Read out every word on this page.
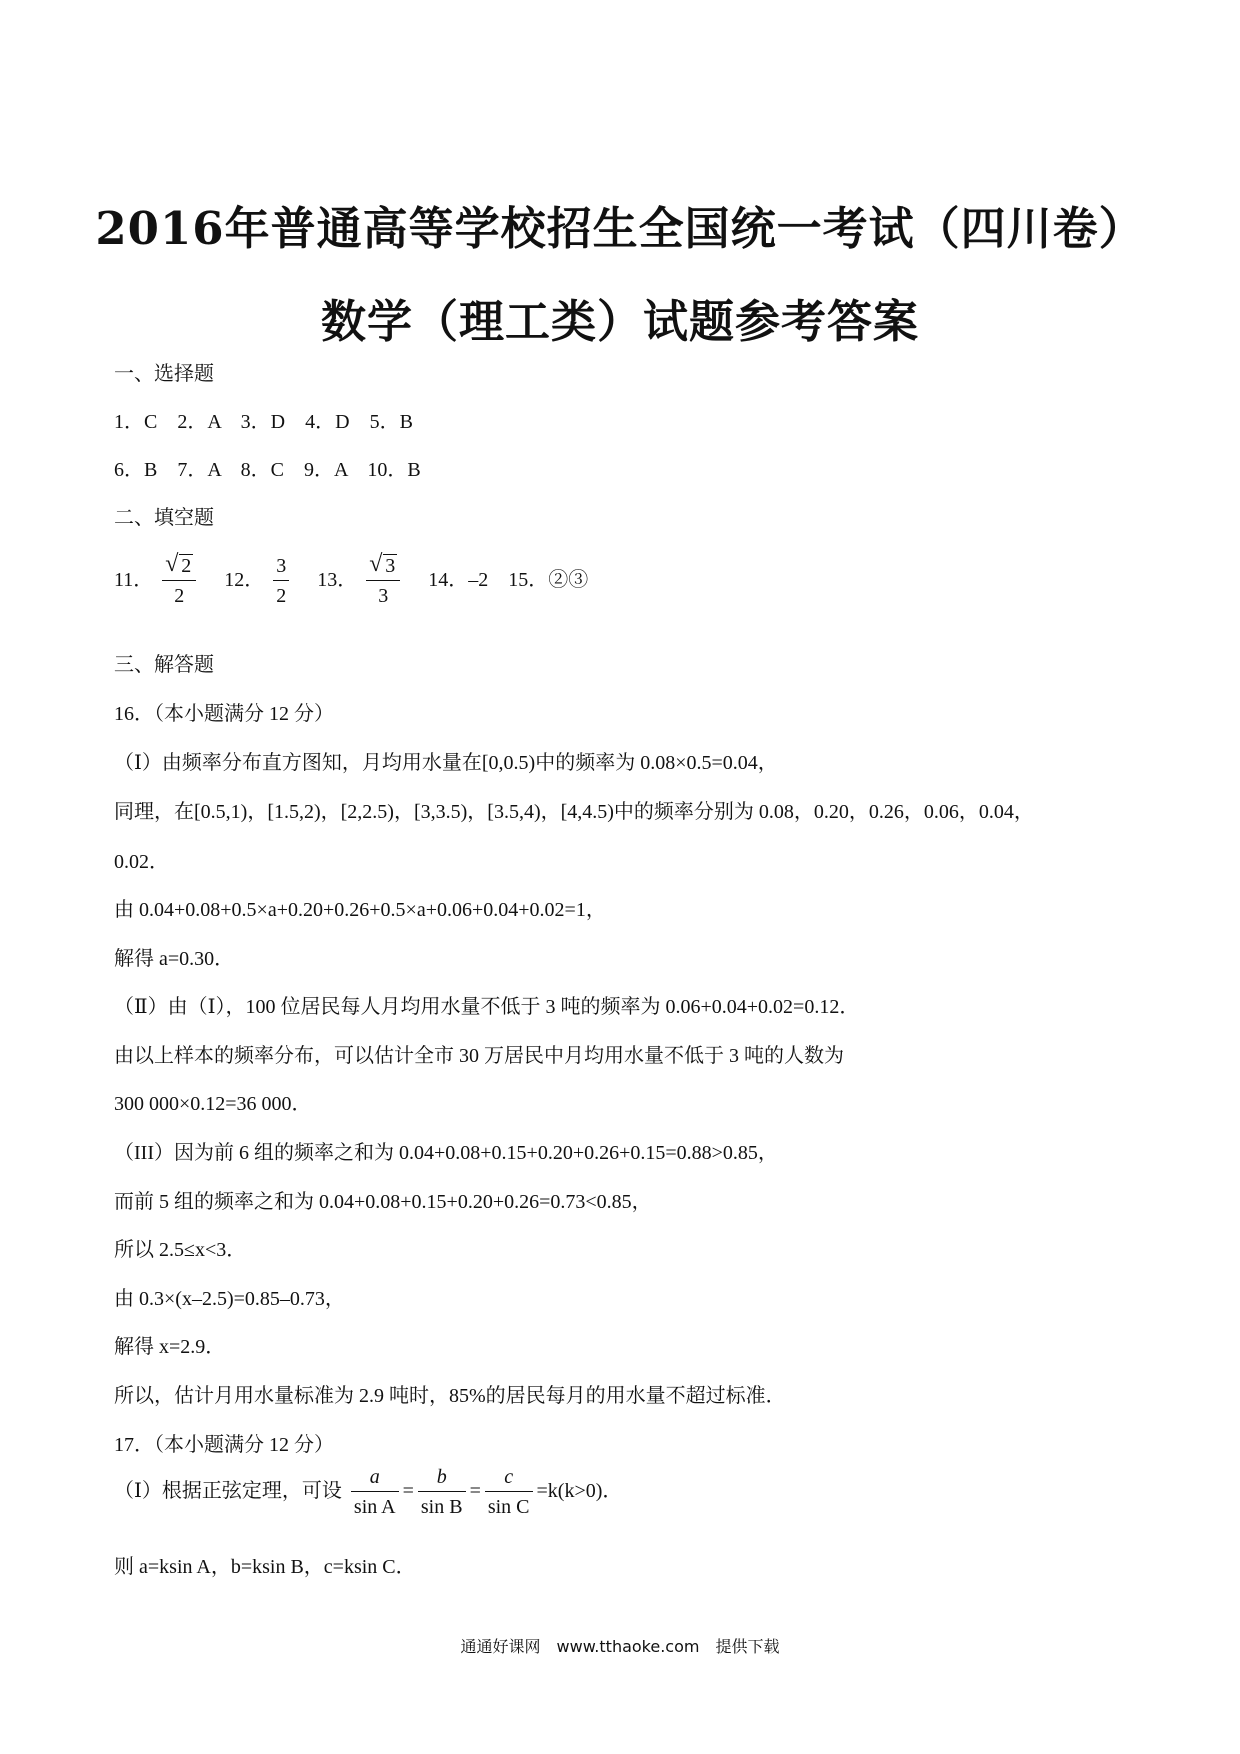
2016年普通高等学校招生全国统一考试（四川卷）
数学（理工类）试题参考答案
一、选择题
1．C　2．A　3．D　4．D　5．B
6．B　7．A　8．C　9．A　10．B
二、填空题
11． $\frac{√ 2}{2} 12$． $\frac{3}{2} 13$． $\frac{√ 3}{3} 14$．–2　15．②③
三、解答题
16．（本小题满分 12 分）
（Ⅰ）由频率分布直方图知，月均用水量在[0,0.5)中的频率为 0.08×0.5=0.04，
同理，在[0.5,1)，[1.5,2)，[2,2.5)，[3,3.5)，[3.5,4)，[4,4.5)中的频率分别为 0.08，0.20，0.26，0.06，0.04，
0.02．
由 0.04+0.08+0.5×a+0.20+0.26+0.5×a+0.06+0.04+0.02=1，
解得 a=0.30．
（Ⅱ）由（Ⅰ），100 位居民每人月均用水量不低于 3 吨的频率为 0.06+0.04+0.02=0.12．
由以上样本的频率分布，可以估计全市 30 万居民中月均用水量不低于 3 吨的人数为
300 000×0.12=36 000．
（III）因为前 6 组的频率之和为 0.04+0.08+0.15+0.20+0.26+0.15=0.88>0.85，
而前 5 组的频率之和为 0.04+0.08+0.15+0.20+0.26=0.73<0.85，
所以 2.5≤x<3．
由 0.3×(x–2.5)=0.85–0.73，
解得 x=2.9．
所以，估计月用水量标准为 2.9 吨时，85%的居民每月的用水量不超过标准．
17．（本小题满分 12 分）
（Ⅰ）根据正弦定理，可设 $\frac{a}{\text{sin A}} = \frac{b}{\text{sin B}} = \frac{c}{\text{sin C}} =k(k>0)$．
则 a=ksin A，b=ksin B，c=ksin C．
通通好课网　www.tthaoke.com　提供下载
